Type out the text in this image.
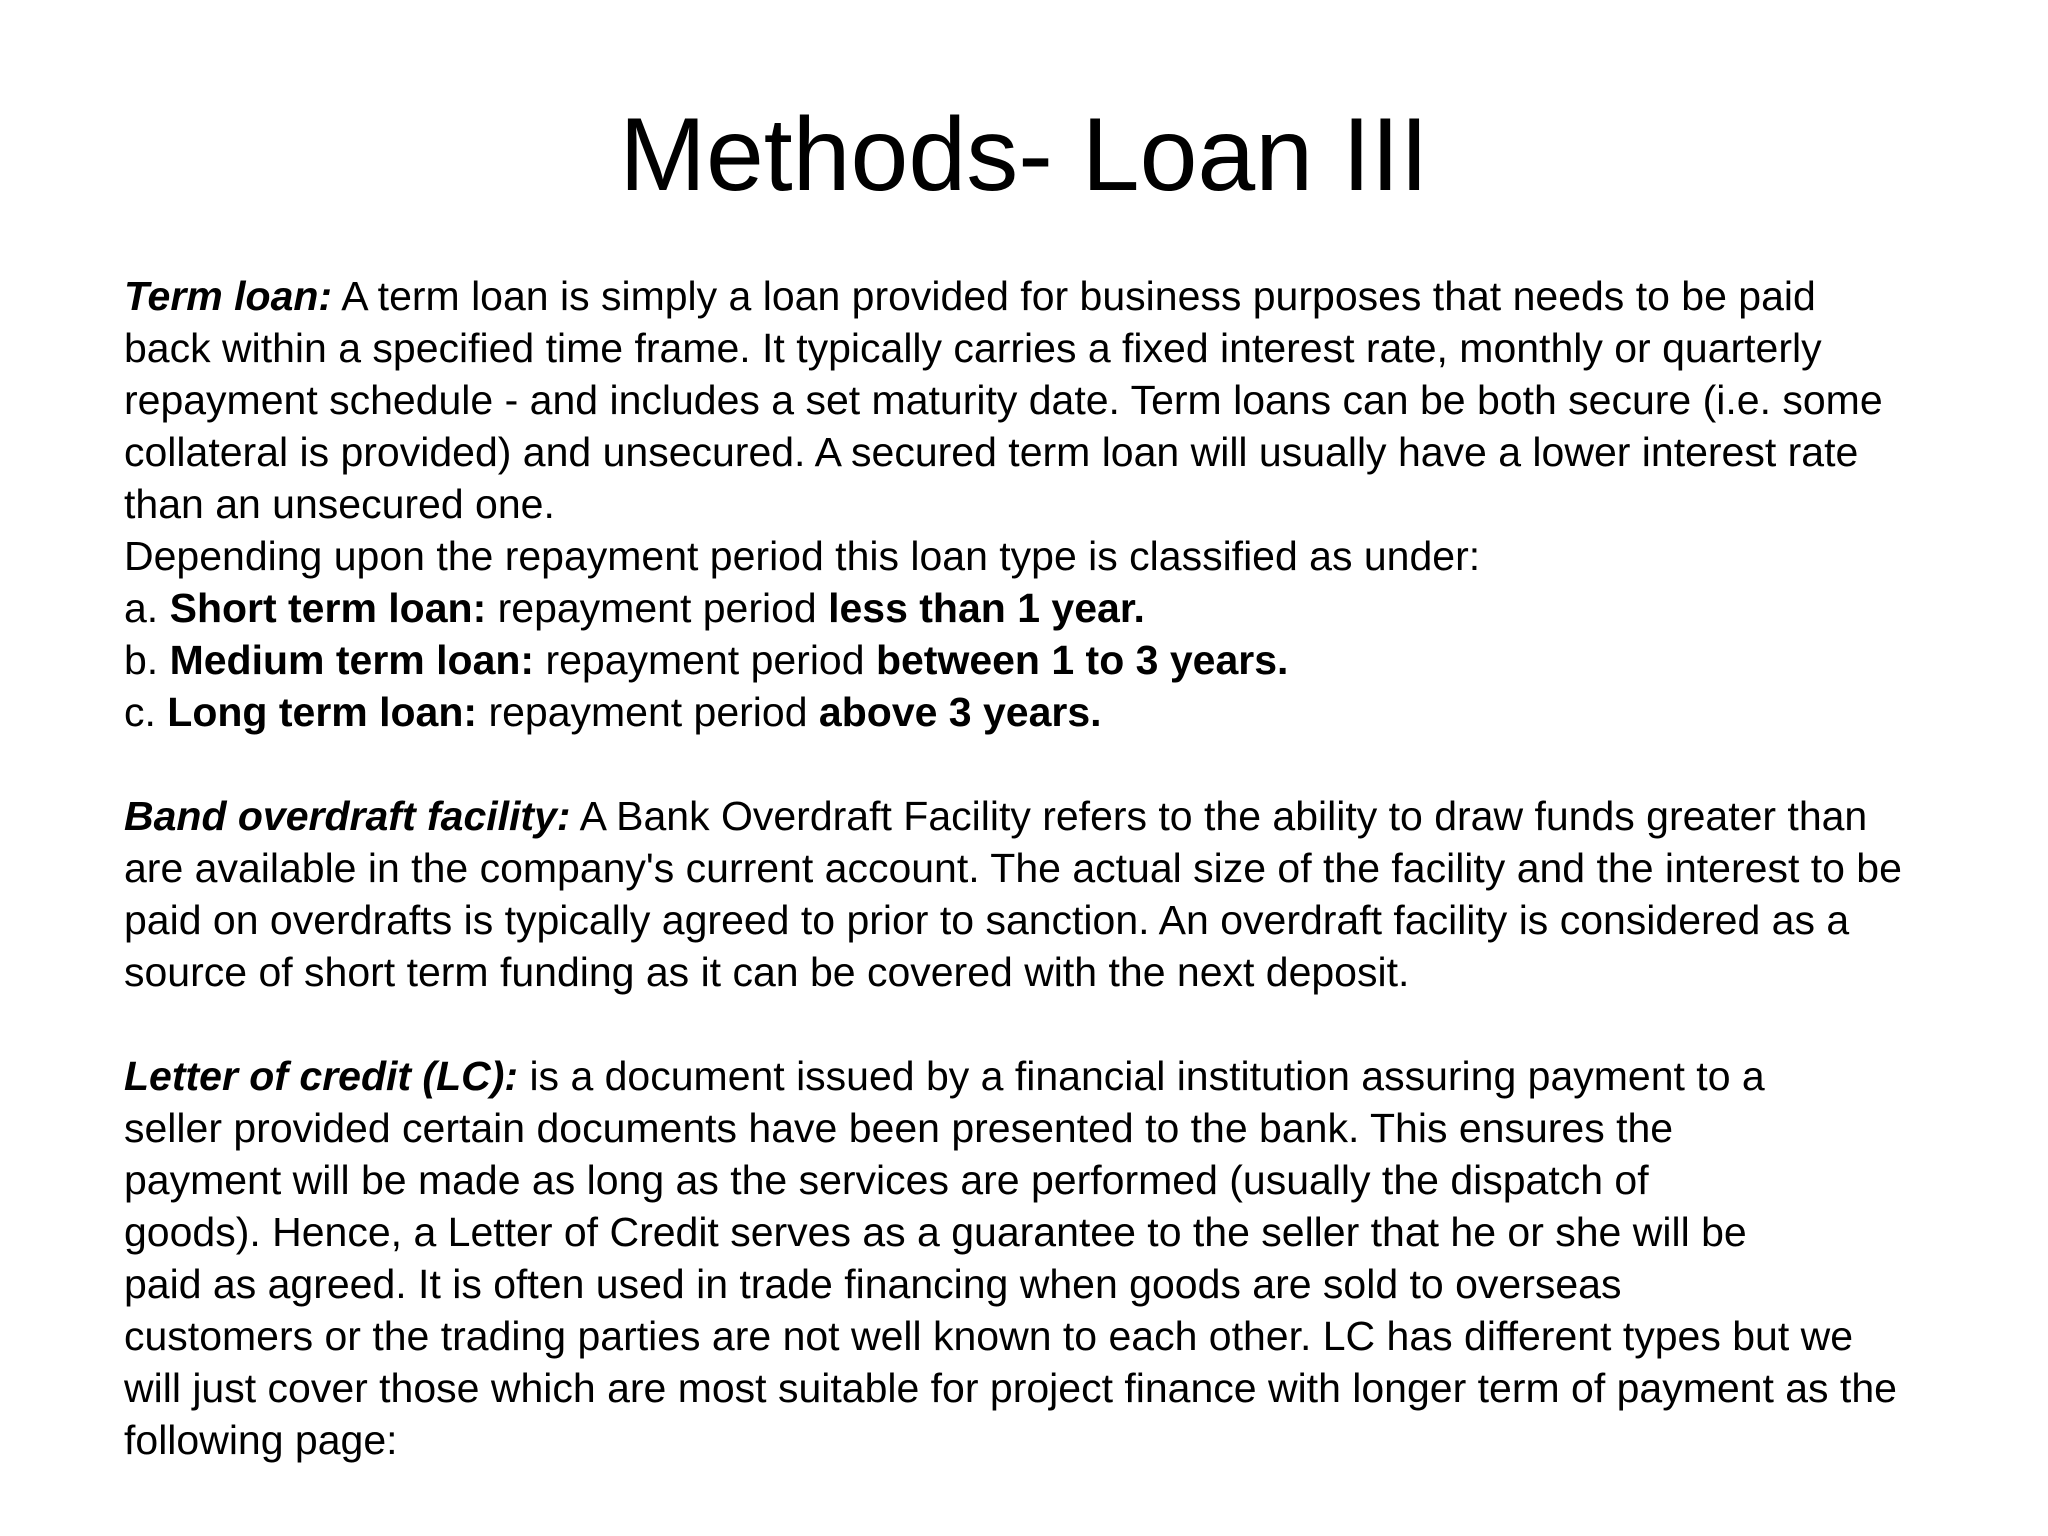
Methods- Loan III
Term loan: A term loan is simply a loan provided for business purposes that needs to be paid
back within a specified time frame. It typically carries a fixed interest rate, monthly or quarterly
repayment schedule - and includes a set maturity date. Term loans can be both secure (i.e. some
collateral is provided) and unsecured. A secured term loan will usually have a lower interest rate
than an unsecured one.
Depending upon the repayment period this loan type is classified as under:
a. Short term loan: repayment period less than 1 year.
b. Medium term loan: repayment period between 1 to 3 years.
c. Long term loan: repayment period above 3 years.
Band overdraft facility: A Bank Overdraft Facility refers to the ability to draw funds greater than
are available in the company's current account. The actual size of the facility and the interest to be
paid on overdrafts is typically agreed to prior to sanction. An overdraft facility is considered as a
source of short term funding as it can be covered with the next deposit.
Letter of credit (LC): is a document issued by a financial institution assuring payment to a
seller provided certain documents have been presented to the bank. This ensures the
payment will be made as long as the services are performed (usually the dispatch of
goods). Hence, a Letter of Credit serves as a guarantee to the seller that he or she will be
paid as agreed. It is often used in trade financing when goods are sold to overseas
customers or the trading parties are not well known to each other. LC has different types but we
will just cover those which are most suitable for project finance with longer term of payment as the
following page:
